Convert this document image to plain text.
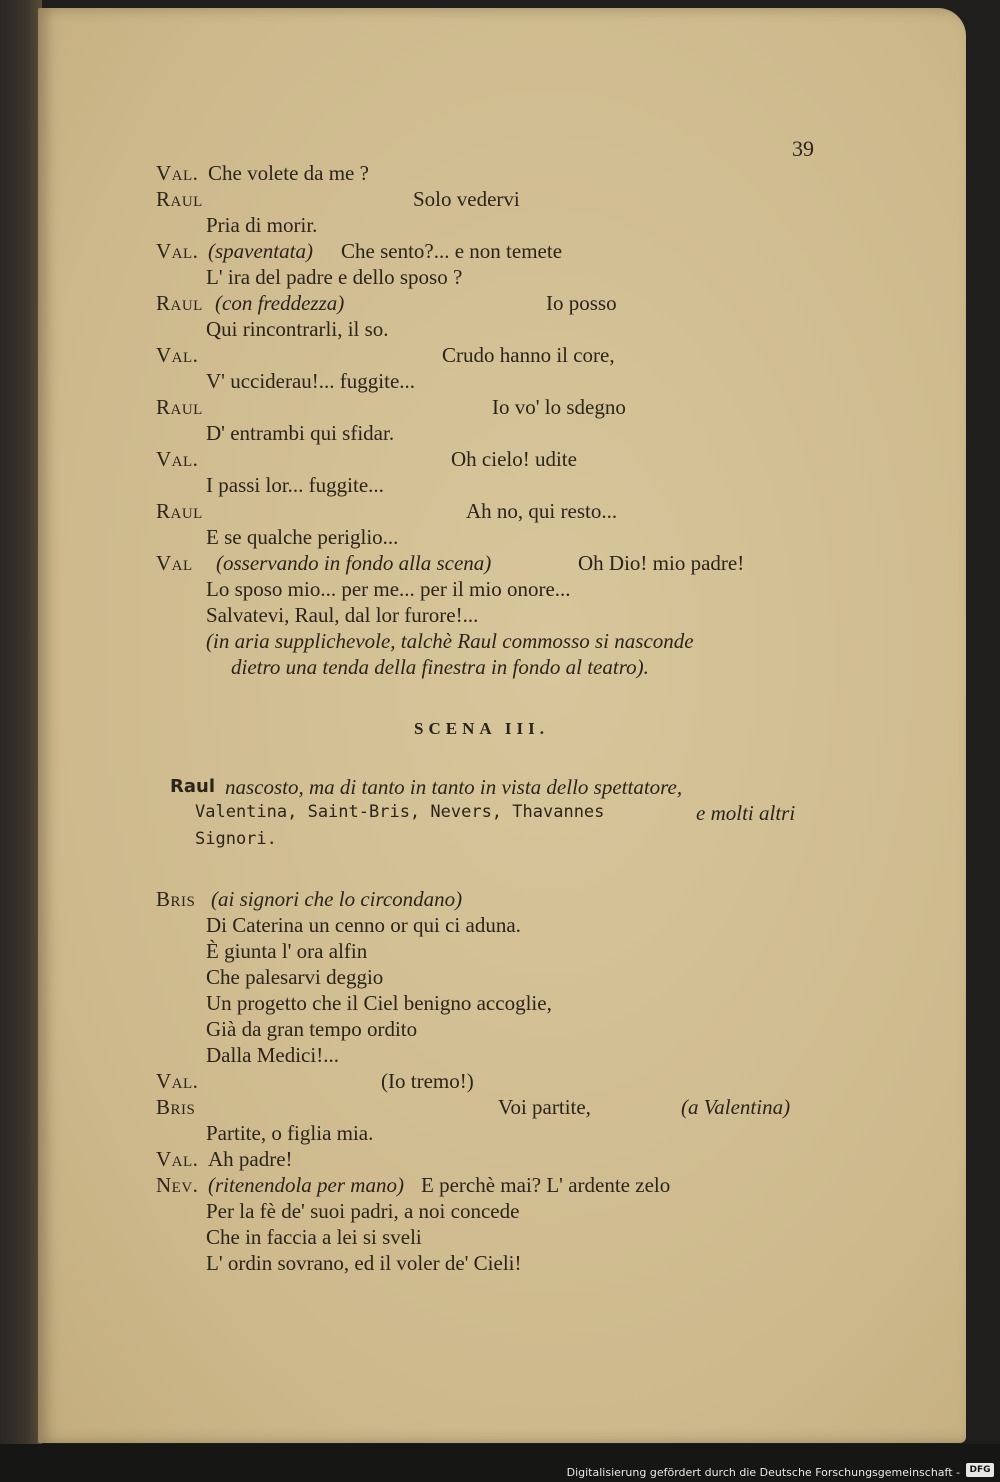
39
Val. Che volete da me ?
Raul	Solo vedervi
Pria di morir.
Val. (spaventata) Che sento?... e non temete
L' ira del padre e dello sposo ?
Raul (con freddezza)	Io posso
Qui rincontrarli, il so.
Val.	Crudo hanno il core,
V' ucciderau!... fuggite...
Raul	Io vo' lo sdegno
D' entrambi qui sfidar.
Val.	Oh cielo! udite
I passi lor... fuggite...
Raul	Ah no, qui resto...
E se qualche periglio...
Val (osservando in fondo alla scena)	Oh Dio! mio padre!
Lo sposo mio... per me... per il mio onore...
Salvatevi, Raul, dal lor furore!...
(in aria supplichevole, talchè Raul commosso si nasconde
dietro una tenda della finestra in fondo al teatro).
SCENA III.
Raul nascosto, ma di tanto in tanto in vista dello spettatore,
Valentina, Saint-Bris, Nevers, Thavannes	e molti altri
Signori.
Bris (ai signori che lo circondano)
Di Caterina un cenno or qui ci aduna.
È giunta l' ora alfin
Che palesarvi deggio
Un progetto che il Ciel benigno accoglie,
Già da gran tempo ordito
Dalla Medici!...
Val.	(Io tremo!)
Bris	Voi partite,	(a Valentina)
Partite, o figlia mia.
Val. Ah padre!
Nev. (ritenendola per mano) E perchè mai? L' ardente zelo
Per la fè de' suoi padri, a noi concede
Che in faccia a lei si sveli
L' ordin sovrano, ed il voler de' Cieli!
Digitalisierung gefördert durch die Deutsche Forschungsgemeinschaft -	DFG
